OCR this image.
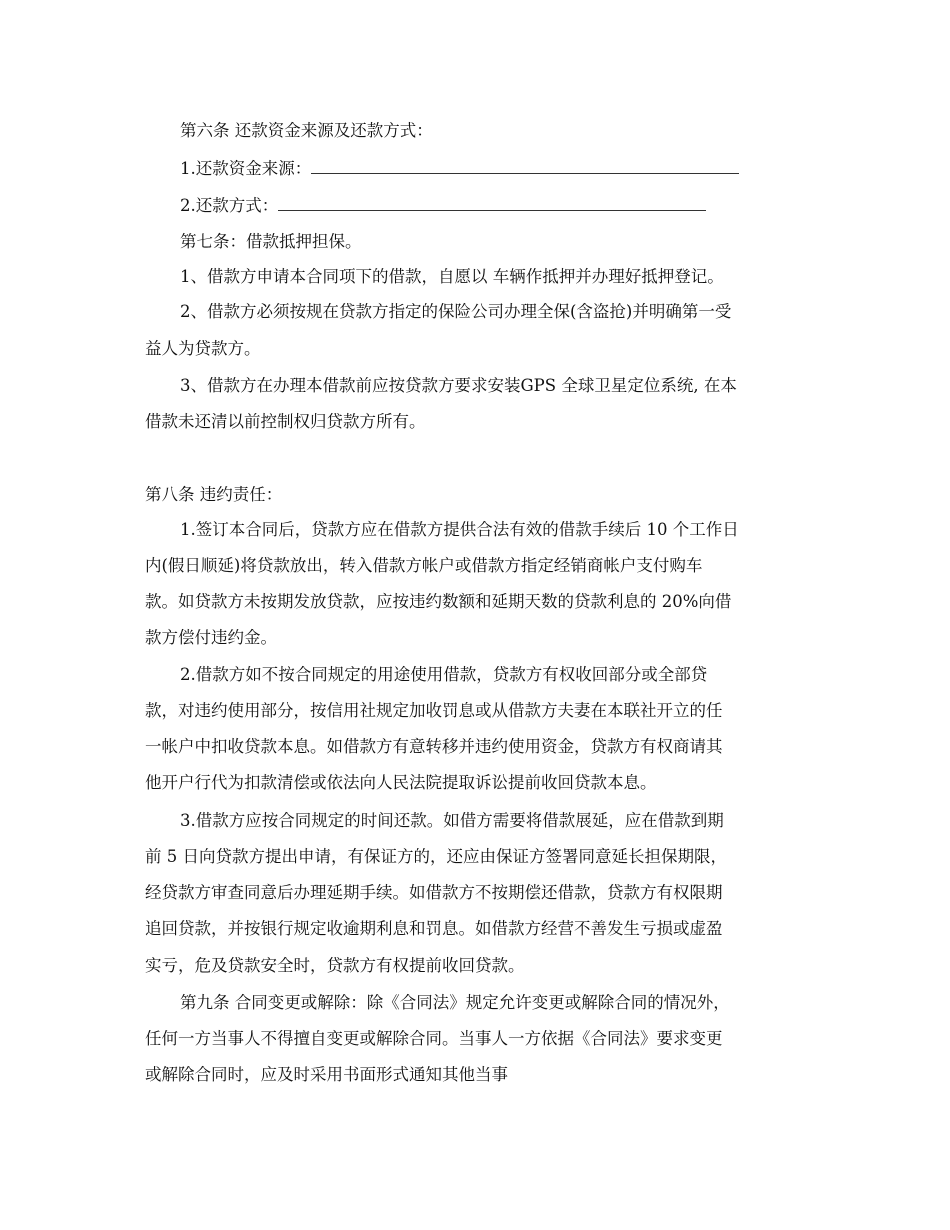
第六条 还款资金来源及还款方式：
1.还款资金来源：
2.还款方式：
第七条：借款抵押担保。
1、借款方申请本合同项下的借款，自愿以 车辆作抵押并办理好抵押登记。
2、借款方必须按规在贷款方指定的保险公司办理全保(含盗抢)并明确第一受
益人为贷款方。
3、借款方在办理本借款前应按贷款方要求安装GPS 全球卫星定位系统, 在本
借款未还清以前控制权归贷款方所有。
第八条 违约责任：
1.签订本合同后，贷款方应在借款方提供合法有效的借款手续后 10 个工作日
内(假日顺延)将贷款放出，转入借款方帐户或借款方指定经销商帐户支付购车
款。如贷款方未按期发放贷款，应按违约数额和延期天数的贷款利息的 20%向借
款方偿付违约金。
2.借款方如不按合同规定的用途使用借款，贷款方有权收回部分或全部贷
款，对违约使用部分，按信用社规定加收罚息或从借款方夫妻在本联社开立的任
一帐户中扣收贷款本息。如借款方有意转移并违约使用资金，贷款方有权商请其
他开户行代为扣款清偿或依法向人民法院提取诉讼提前收回贷款本息。
3.借款方应按合同规定的时间还款。如借方需要将借款展延，应在借款到期
前 5 日向贷款方提出申请，有保证方的，还应由保证方签署同意延长担保期限，
经贷款方审查同意后办理延期手续。如借款方不按期偿还借款，贷款方有权限期
追回贷款，并按银行规定收逾期利息和罚息。如借款方经营不善发生亏损或虚盈
实亏，危及贷款安全时，贷款方有权提前收回贷款。
第九条 合同变更或解除：除《合同法》规定允许变更或解除合同的情况外，
任何一方当事人不得擅自变更或解除合同。当事人一方依据《合同法》要求变更
或解除合同时，应及时采用书面形式通知其他当事
